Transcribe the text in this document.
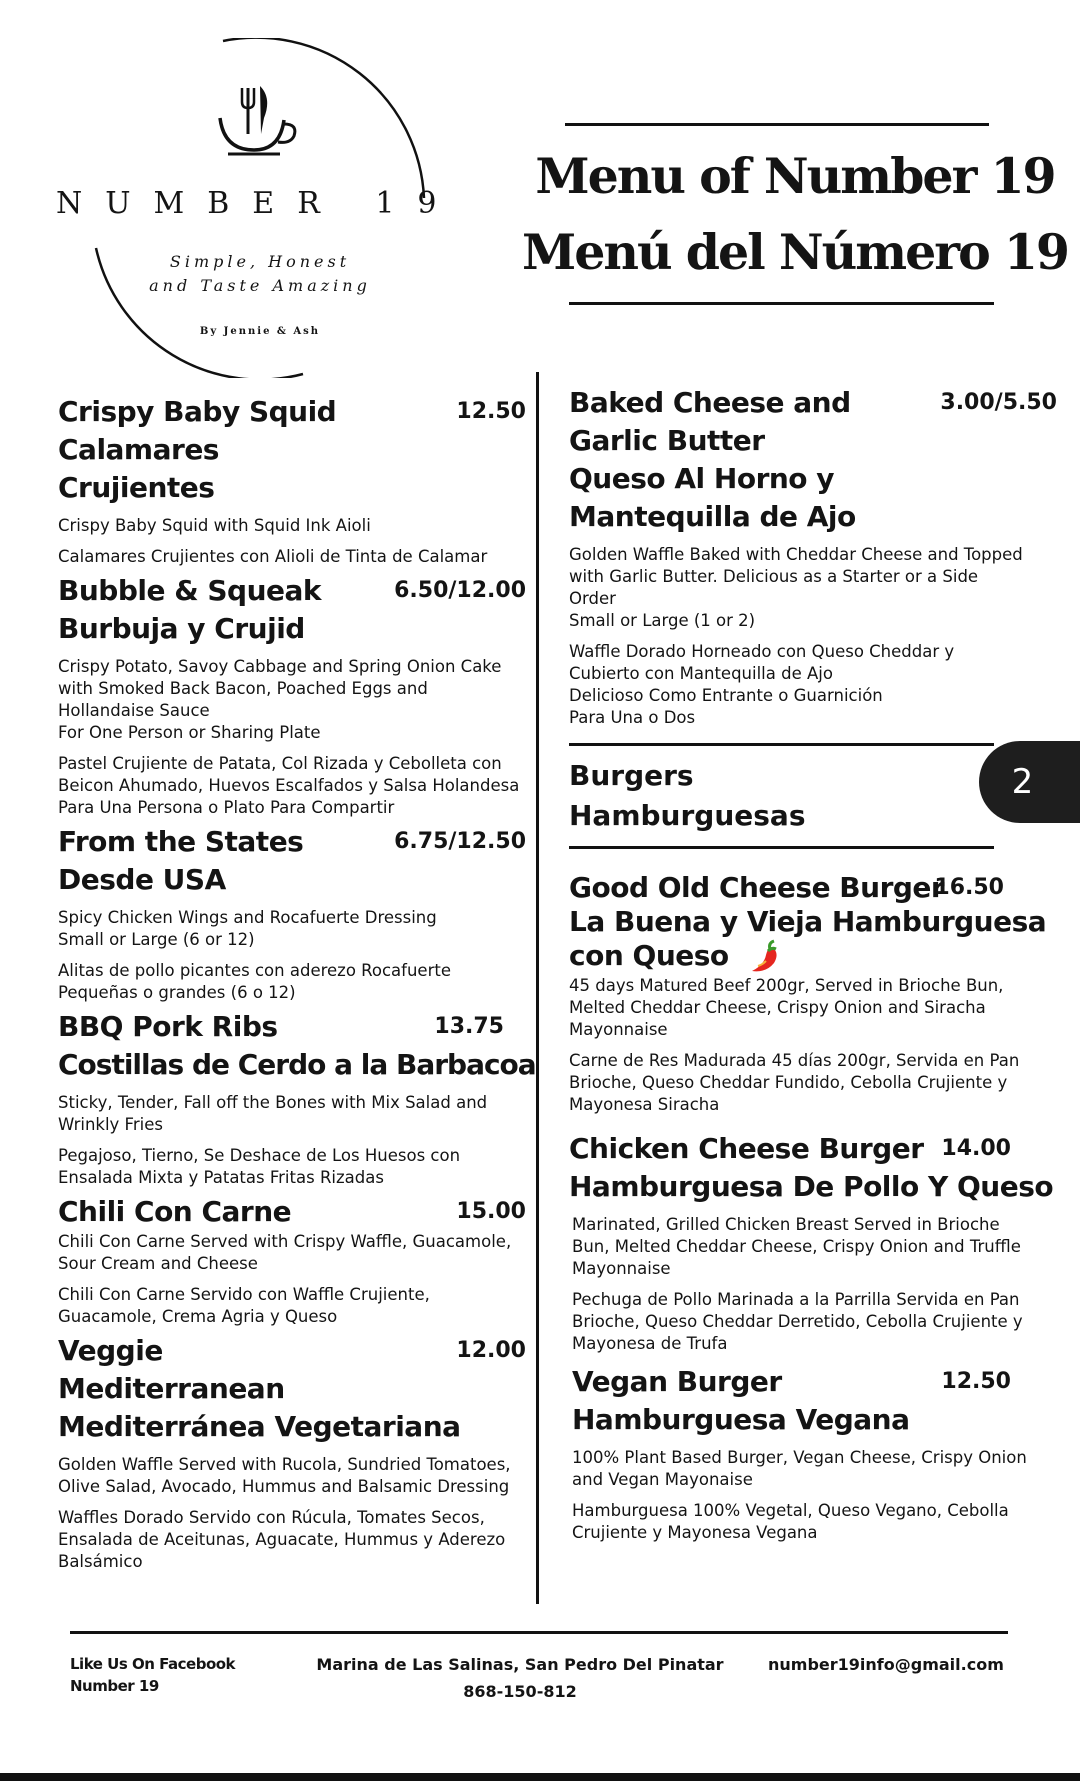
NUMBER 19
Simple, Honest
and Taste Amazing
By Jennie & Ash
Menu of Number 19
Menú del Número 19
Crispy Baby Squid
Calamares Crujientes
12.50
Crispy Baby Squid with Squid Ink Aioli
Calamares Crujientes con Alioli de Tinta de Calamar
Bubble & Squeak
Burbuja y Crujid
6.50/12.00
Crispy Potato, Savoy Cabbage and Spring Onion Cake with Smoked Back Bacon, Poached Eggs and Hollandaise Sauce
For One Person or Sharing Plate
Pastel Crujiente de Patata, Col Rizada y Cebolleta con Beicon Ahumado, Huevos Escalfados y Salsa Holandesa
Para Una Persona o Plato Para Compartir
From the States
Desde USA
6.75/12.50
Spicy Chicken Wings and Rocafuerte Dressing
Small or Large (6 or 12)
Alitas de pollo picantes con aderezo Rocafuerte
Pequeñas o grandes (6 o 12)
BBQ Pork Ribs
Costillas de Cerdo a la Barbacoa
13.75
Sticky, Tender, Fall off the Bones with Mix Salad and Wrinkly Fries
Pegajoso, Tierno, Se Deshace de Los Huesos con Ensalada Mixta y Patatas Fritas Rizadas
Chili Con Carne	15.00
Chili Con Carne Served with Crispy Waffle, Guacamole, Sour Cream and Cheese
Chili Con Carne Servido con Waffle Crujiente, Guacamole, Crema Agria y Queso
Veggie Mediterranean
Mediterránea Vegetariana
12.00
Golden Waffle Served with Rucola, Sundried Tomatoes, Olive Salad, Avocado, Hummus and Balsamic Dressing
Waffles Dorado Servido con Rúcula, Tomates Secos, Ensalada de Aceitunas, Aguacate, Hummus y Aderezo Balsámico
Baked Cheese and Garlic Butter
Queso Al Horno y Mantequilla de Ajo
3.00/5.50
Golden Waffle Baked with Cheddar Cheese and Topped with Garlic Butter. Delicious as a Starter or a Side Order
Small or Large (1 or 2)
Waffle Dorado Horneado con Queso Cheddar y Cubierto con Mantequilla de Ajo
Delicioso Como Entrante o Guarnición
Para Una o Dos
Burgers
Hamburguesas
Good Old Cheese Burger
La Buena y Vieja Hamburguesa
con Queso
16.50
45 days Matured Beef 200gr, Served in Brioche Bun, Melted Cheddar Cheese, Crispy Onion and Siracha Mayonnaise
Carne de Res Madurada 45 días 200gr, Servida en Pan Brioche, Queso Cheddar Fundido, Cebolla Crujiente y Mayonesa Siracha
Chicken Cheese Burger
Hamburguesa De Pollo Y Queso
14.00
Marinated, Grilled Chicken Breast Served in Brioche Bun, Melted Cheddar Cheese, Crispy Onion and Truffle Mayonnaise
Pechuga de Pollo Marinada a la Parrilla Servida en Pan Brioche, Queso Cheddar Derretido, Cebolla Crujiente y Mayonesa de Trufa
Vegan Burger
Hamburguesa Vegana
12.50
100% Plant Based Burger, Vegan Cheese, Crispy Onion and Vegan Mayonaise
Hamburguesa 100% Vegetal, Queso Vegano, Cebolla Crujiente y Mayonesa Vegana
2
Like Us On Facebook
Number 19
Marina de Las Salinas, San Pedro Del Pinatar
868-150-812
number19info@gmail.com
